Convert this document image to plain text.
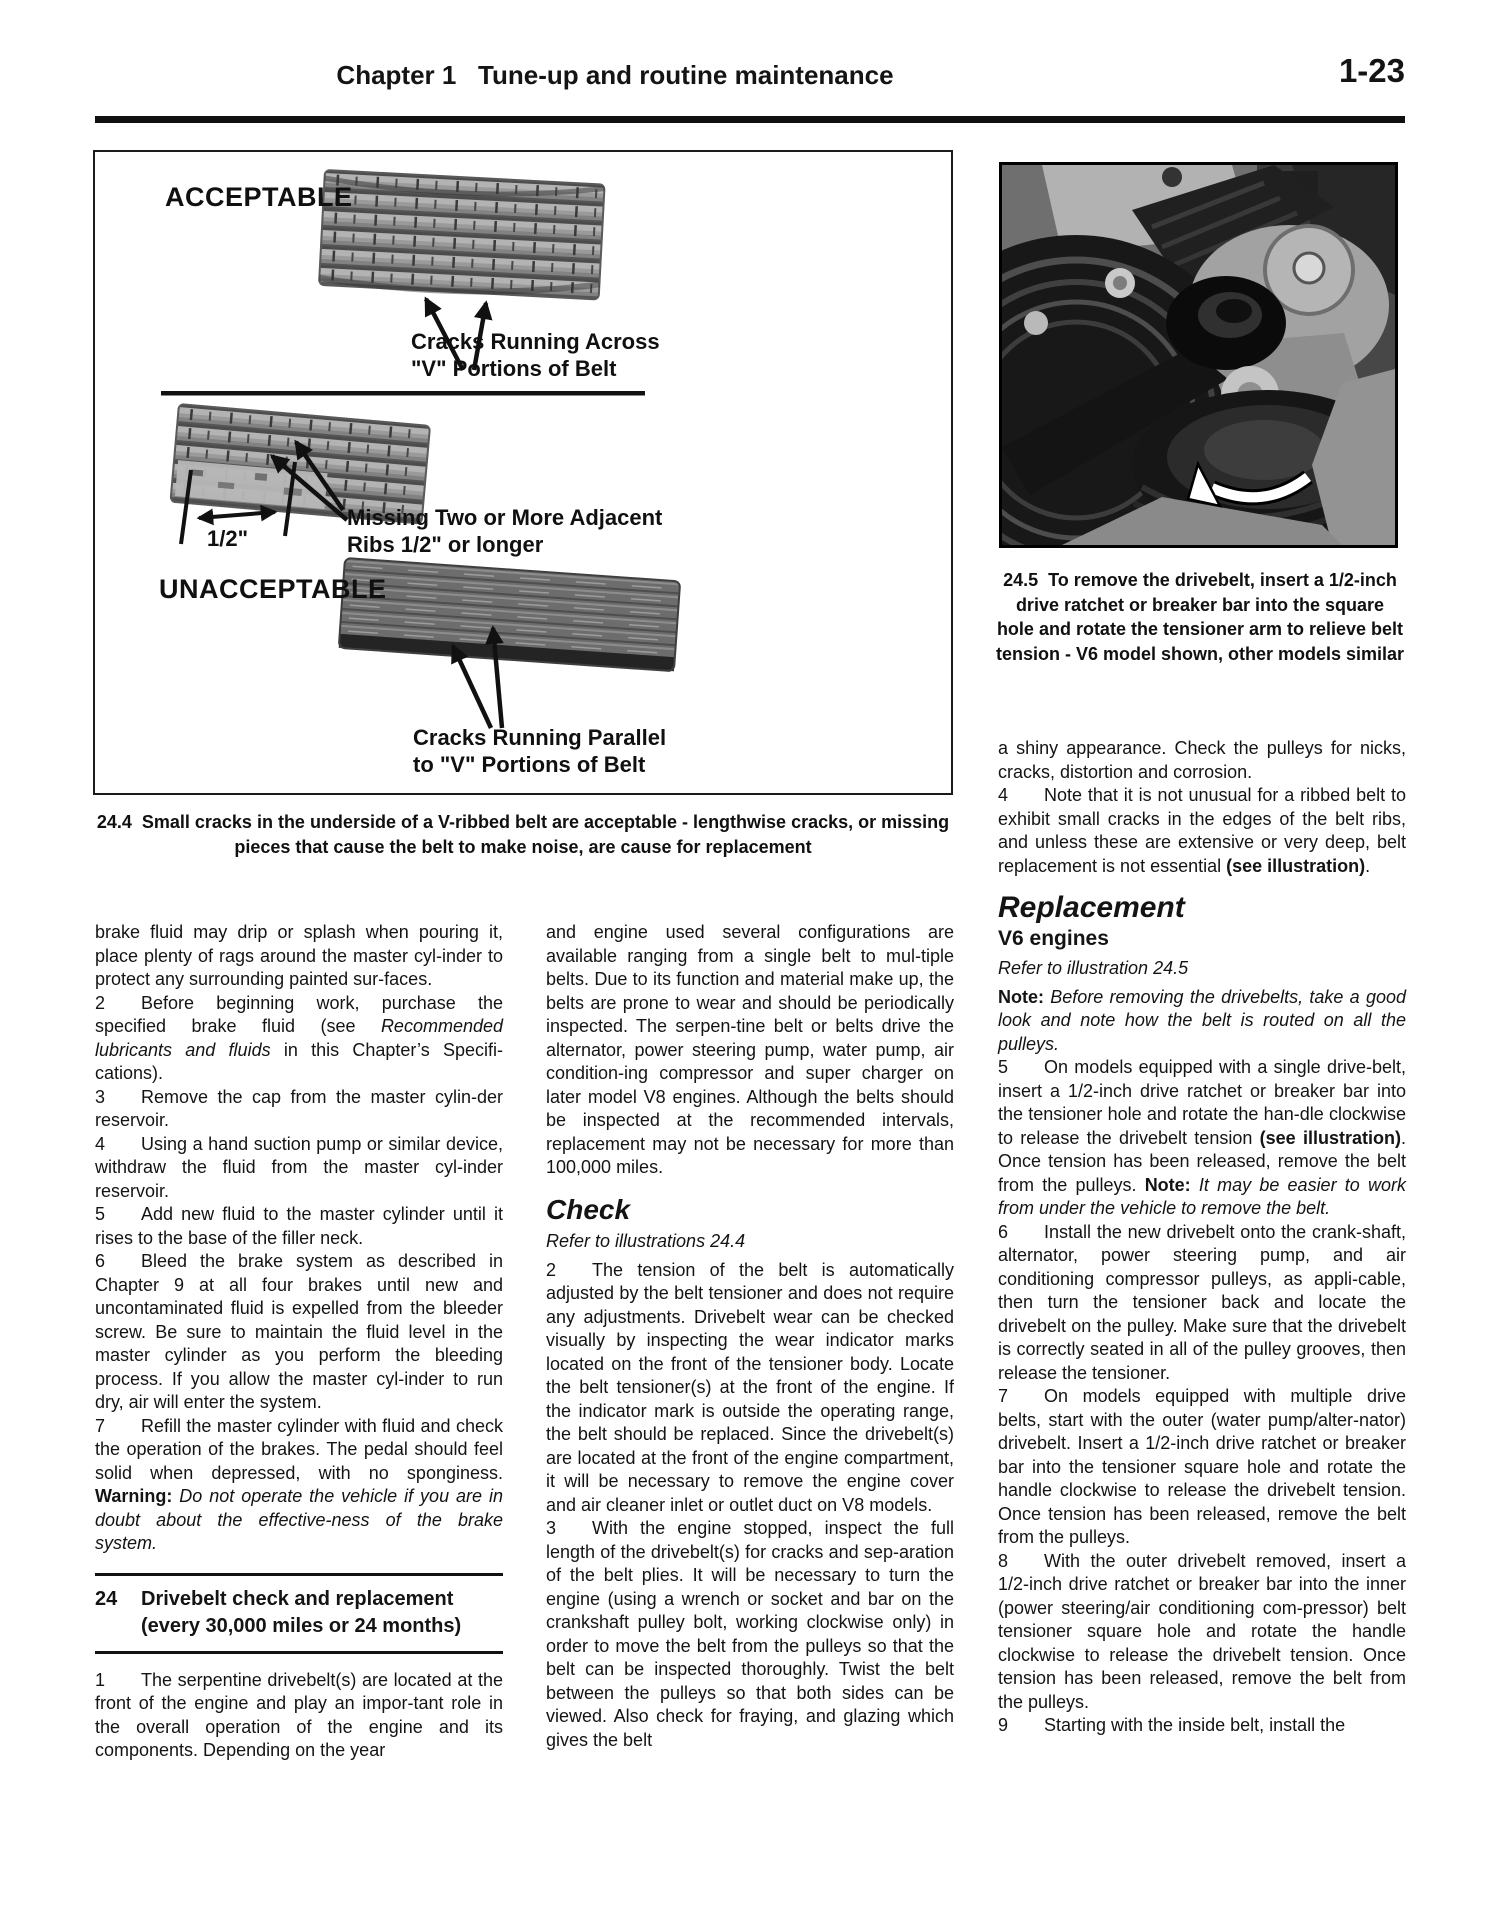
Chapter 1   Tune-up and routine maintenance	1-23
ACCEPTABLE
Cracks Running Across
"V" Portions of Belt
Missing Two or More Adjacent
Ribs 1/2" or longer
1/2"
UNACCEPTABLE
Cracks Running Parallel
to "V" Portions of Belt
24.4  Small cracks in the underside of a V-ribbed belt are acceptable - lengthwise cracks, or missing pieces that cause the belt to make noise, are cause for replacement
24.5  To remove the drivebelt, insert a 1/2-inch drive ratchet or breaker bar into the square hole and rotate the tensioner arm to relieve belt tension - V6 model shown, other models similar

brake fluid may drip or splash when pouring it, place plenty of rags around the master cyl-inder to protect any surrounding painted sur-faces.

2 Before beginning work, purchase the specified brake fluid (see Recommended lubricants and fluids in this Chapter’s Specifi-cations).

3 Remove the cap from the master cylin-der reservoir.

4 Using a hand suction pump or similar device, withdraw the fluid from the master cyl-inder reservoir.

5 Add new fluid to the master cylinder until it rises to the base of the filler neck.

6 Bleed the brake system as described in Chapter 9 at all four brakes until new and uncontaminated fluid is expelled from the bleeder screw. Be sure to maintain the fluid level in the master cylinder as you perform the bleeding process. If you allow the master cyl-inder to run dry, air will enter the system.

7 Refill the master cylinder with fluid and check the operation of the brakes. The pedal should feel solid when depressed, with no sponginess. Warning: Do not operate the vehicle if you are in doubt about the effective-ness of the brake system.

24	Drivebelt check and replacement
(every 30,000 miles or 24 months)

1 The serpentine drivebelt(s) are located at the front of the engine and play an impor-tant role in the overall operation of the engine and its components. Depending on the year

and engine used several configurations are available ranging from a single belt to mul-tiple belts. Due to its function and material make up, the belts are prone to wear and should be periodically inspected. The serpen-tine belt or belts drive the alternator, power steering pump, water pump, air condition-ing compressor and super charger on later model V8 engines. Although the belts should be inspected at the recommended intervals, replacement may not be necessary for more than 100,000 miles.

Check
Refer to illustrations 24.4

2 The tension of the belt is automatically adjusted by the belt tensioner and does not require any adjustments. Drivebelt wear can be checked visually by inspecting the wear indicator marks located on the front of the tensioner body. Locate the belt tensioner(s) at the front of the engine. If the indicator mark is outside the operating range, the belt should be replaced. Since the drivebelt(s) are located at the front of the engine compartment, it will be necessary to remove the engine cover and air cleaner inlet or outlet duct on V8 models.

3 With the engine stopped, inspect the full length of the drivebelt(s) for cracks and sep-aration of the belt plies. It will be necessary to turn the engine (using a wrench or socket and bar on the crankshaft pulley bolt, working clockwise only) in order to move the belt from the pulleys so that the belt can be inspected thoroughly. Twist the belt between the pulleys so that both sides can be viewed. Also check for fraying, and glazing which gives the belt

a shiny appearance. Check the pulleys for nicks, cracks, distortion and corrosion.

4 Note that it is not unusual for a ribbed belt to exhibit small cracks in the edges of the belt ribs, and unless these are extensive or very deep, belt replacement is not essential (see illustration).

Replacement
V6 engines
Refer to illustration 24.5

Note: Before removing the drivebelts, take a good look and note how the belt is routed on all the pulleys.

5 On models equipped with a single drive-belt, insert a 1/2-inch drive ratchet or breaker bar into the tensioner hole and rotate the han-dle clockwise to release the drivebelt tension (see illustration). Once tension has been released, remove the belt from the pulleys. Note: It may be easier to work from under the vehicle to remove the belt.

6 Install the new drivebelt onto the crank-shaft, alternator, power steering pump, and air conditioning compressor pulleys, as appli-cable, then turn the tensioner back and locate the drivebelt on the pulley. Make sure that the drivebelt is correctly seated in all of the pulley grooves, then release the tensioner.

7 On models equipped with multiple drive belts, start with the outer (water pump/alter-nator) drivebelt. Insert a 1/2-inch drive ratchet or breaker bar into the tensioner square hole and rotate the handle clockwise to release the drivebelt tension. Once tension has been released, remove the belt from the pulleys.

8 With the outer drivebelt removed, insert a 1/2-inch drive ratchet or breaker bar into the inner (power steering/air conditioning com-pressor) belt tensioner square hole and rotate the handle clockwise to release the drivebelt tension. Once tension has been released, remove the belt from the pulleys.

9 Starting with the inside belt, install the
